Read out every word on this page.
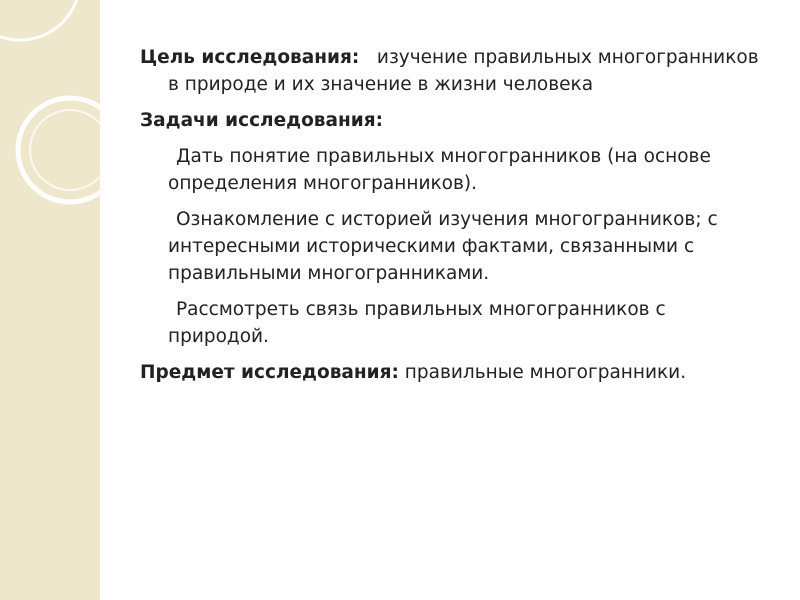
Цель исследования: изучение правильных многогранников в природе и их значение в жизни человека

Задачи исследования:

Дать понятие правильных многогранников (на основе определения многогранников).

Ознакомление с историей изучения многогранников; с интересными историческими фактами, связанными с правильными многогранниками.

Рассмотреть связь правильных многогранников с природой.

Предмет исследования: правильные многогранники.
